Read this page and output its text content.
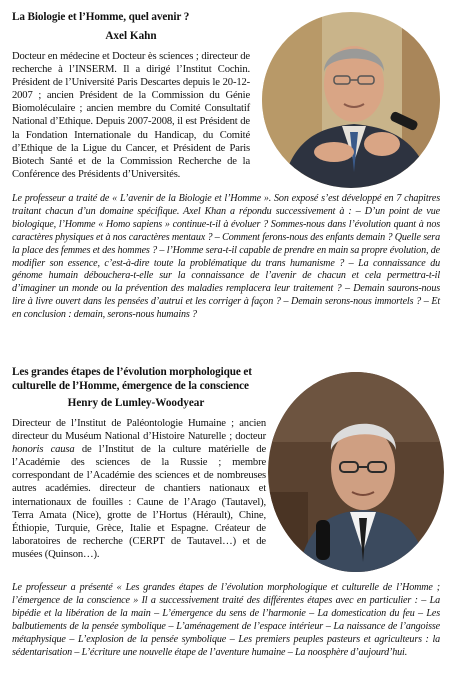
La Biologie et l’Homme, quel avenir ?
Axel Kahn
Docteur en médecine et Docteur ès sciences ; directeur de recherche à l’INSERM. Il a dirigé l’Institut Cochin. Président de l’Université Paris Descartes depuis le 20-12-2007 ; ancien Président de la Commission du Génie Biomoléculaire ; ancien membre du Comité Consultatif National d’Ethique. Depuis 2007-2008, il est Président de la Fondation Internationale du Handicap, du Comité d’Ethique de la Ligue du Cancer, et Président de Paris Biotech Santé et de la Commission Recherche de la Conférence des Présidents d’Universités.
Le professeur a traité de « L’avenir de la Biologie et l’Homme ». Son exposé s’est développé en 7 chapitres traitant chacun d’un domaine spécifique. Axel Khan a répondu successivement à : – D’un point de vue biologique, l’Homme « Homo sapiens » continue-t-il à évoluer ? Sommes-nous dans l’évolution quant à nos caractères physiques et à nos caractères mentaux ? – Comment ferons-nous des enfants demain ? Quelle sera la place des femmes et des hommes ? – l’Homme sera-t-il capable de prendre en main sa propre évolution, de modifier son essence, c’est-à-dire toute la problématique du trans humanisme ? – La connaissance du génome humain débouchera-t-elle sur la connaissance de l’avenir de chacun et cela permettra-t-il d’imaginer un monde ou la prévention des maladies remplacera leur traitement ? – Demain saurons-nous lire à livre ouvert dans les pensées d’autrui et les corriger à façon ? – Demain serons-nous immortels ? – Et en conclusion : demain, serons-nous humains ?
Les grandes étapes de l’évolution morphologique et culturelle de l’Homme, émergence de la conscience
Henry de Lumley-Woodyear
Directeur de l’Institut de Paléontologie Humaine ; ancien directeur du Muséum National d’Histoire Naturelle ; docteur honoris causa de l’Institut de la culture matérielle de l’Académie des sciences de la Russie ; membre correspondant de l’Académie des sciences et de nombreuses autres académies. directeur de chantiers nationaux et internationaux de fouilles : Caune de l’Arago (Tautavel), Terra Amata (Nice), grotte de l’Hortus (Hérault), Chine, Éthiopie, Turquie, Grèce, Italie et Espagne. Créateur de laboratoires de recherche (CERPT de Tautavel…) et de musées (Quinson…).
Le professeur a présenté « Les grandes étapes de l’évolution morphologique et culturelle de l’Homme ; l’émergence de la conscience » Il a successivement traité des différentes étapes avec en particulier : – La bipédie et la libération de la main – L’émergence du sens de l’harmonie – La domestication du feu – Les balbutiements de la pensée symbolique – L’aménagement de l’espace intérieur – La naissance de l’angoisse métaphysique – L’explosion de la pensée symbolique – Les premiers peuples pasteurs et agriculteurs : la sédentarisation – L’écriture une nouvelle étape de l’aventure humaine – La noosphère d’aujourd’hui.
